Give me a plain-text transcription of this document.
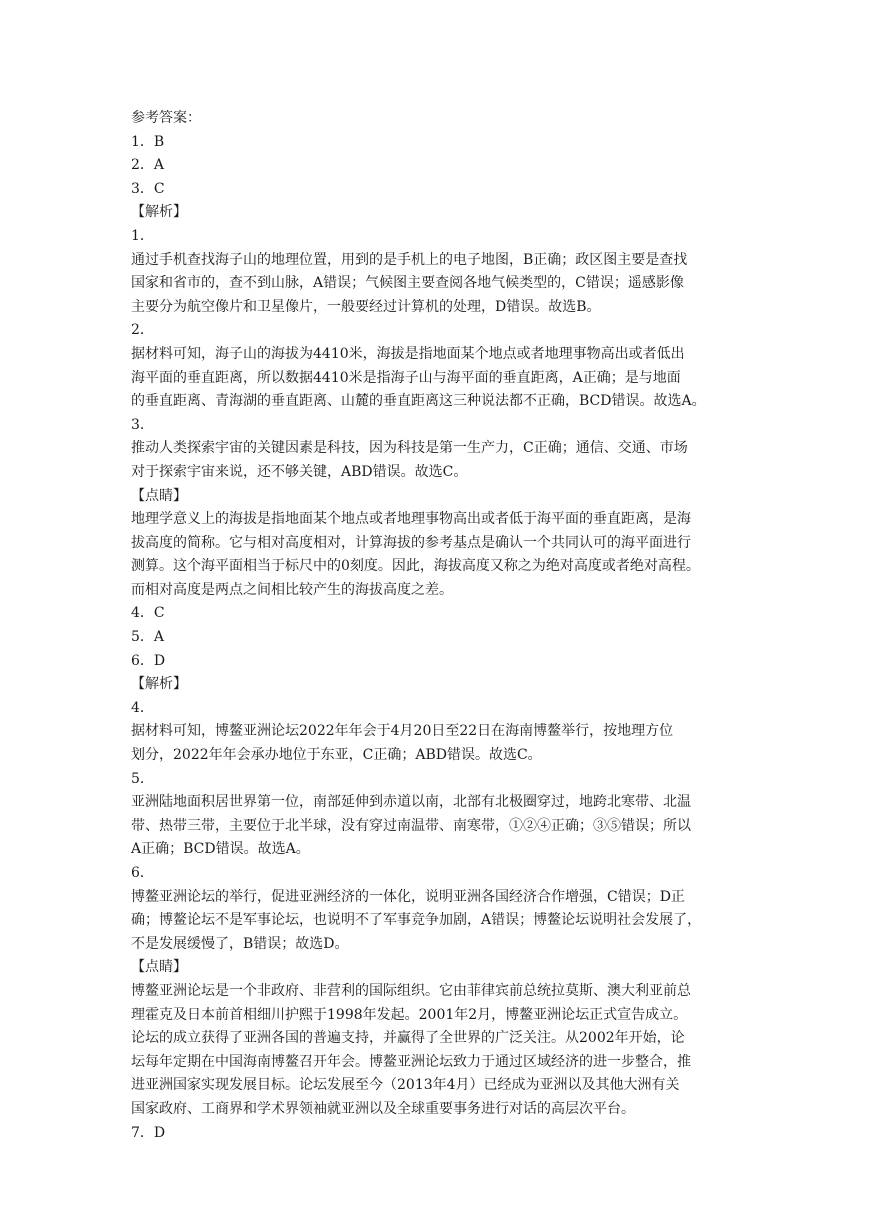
参考答案：
1．B
2．A
3．C
【解析】
1．
通过手机查找海子山的地理位置，用到的是手机上的电子地图，B正确；政区图主要是查找
国家和省市的，查不到山脉，A错误；气候图主要查阅各地气候类型的，C错误；遥感影像
主要分为航空像片和卫星像片，一般要经过计算机的处理，D错误。故选B。
2．
据材料可知，海子山的海拔为4410米，海拔是指地面某个地点或者地理事物高出或者低出
海平面的垂直距离，所以数据4410米是指海子山与海平面的垂直距离，A正确；是与地面
的垂直距离、青海湖的垂直距离、山麓的垂直距离这三种说法都不正确，BCD错误。故选A。
3．
推动人类探索宇宙的关键因素是科技，因为科技是第一生产力，C正确；通信、交通、市场
对于探索宇宙来说，还不够关键，ABD错误。故选C。
【点睛】
地理学意义上的海拔是指地面某个地点或者地理事物高出或者低于海平面的垂直距离，是海
拔高度的简称。它与相对高度相对，计算海拔的参考基点是确认一个共同认可的海平面进行
测算。这个海平面相当于标尺中的0刻度。因此，海拔高度又称之为绝对高度或者绝对高程。
而相对高度是两点之间相比较产生的海拔高度之差。
4．C
5．A
6．D
【解析】
4．
据材料可知，博鳌亚洲论坛2022年年会于4月20日至22日在海南博鳌举行，按地理方位
划分，2022年年会承办地位于东亚，C正确；ABD错误。故选C。
5．
亚洲陆地面积居世界第一位，南部延伸到赤道以南，北部有北极圈穿过，地跨北寒带、北温
带、热带三带，主要位于北半球，没有穿过南温带、南寒带，①②④正确；③⑤错误；所以
A正确；BCD错误。故选A。
6．
博鳌亚洲论坛的举行，促进亚洲经济的一体化，说明亚洲各国经济合作增强，C错误；D正
确；博鳌论坛不是军事论坛，也说明不了军事竞争加剧，A错误；博鳌论坛说明社会发展了，
不是发展缓慢了，B错误；故选D。
【点睛】
博鳌亚洲论坛是一个非政府、非营利的国际组织。它由菲律宾前总统拉莫斯、澳大利亚前总
理霍克及日本前首相细川护熙于1998年发起。2001年2月，博鳌亚洲论坛正式宣告成立。
论坛的成立获得了亚洲各国的普遍支持，并赢得了全世界的广泛关注。从2002年开始，论
坛每年定期在中国海南博鳌召开年会。博鳌亚洲论坛致力于通过区域经济的进一步整合，推
进亚洲国家实现发展目标。论坛发展至今（2013年4月）已经成为亚洲以及其他大洲有关
国家政府、工商界和学术界领袖就亚洲以及全球重要事务进行对话的高层次平台。
7．D
